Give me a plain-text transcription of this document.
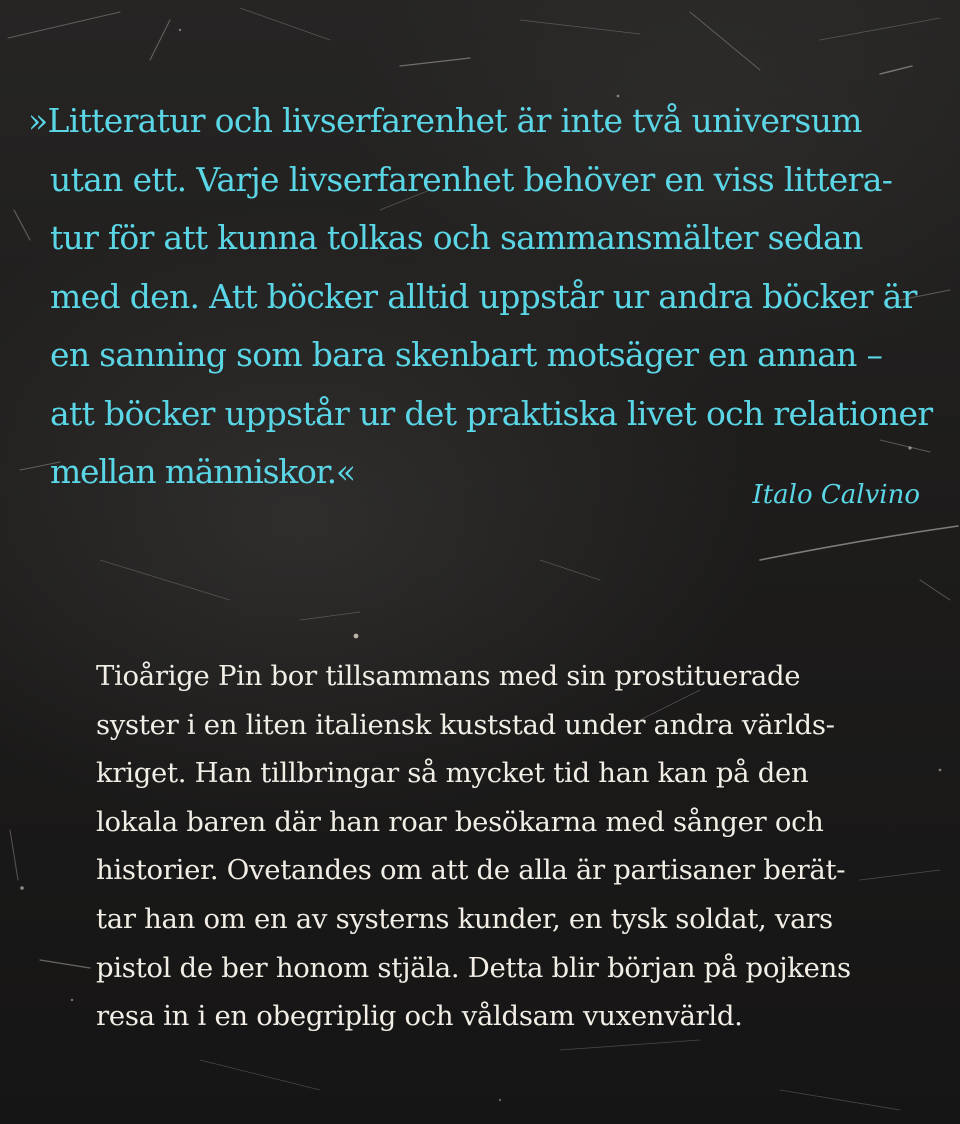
»Litteratur och livserfarenhet är inte två universum
utan ett. Varje livserfarenhet behöver en viss littera-
tur för att kunna tolkas och sammansmälter sedan
med den. Att böcker alltid uppstår ur andra böcker är
en sanning som bara skenbart motsäger en annan –
att böcker uppstår ur det praktiska livet och relationer
mellan människor.«

Italo Calvino

Tioårige Pin bor tillsammans med sin prostituerade
syster i en liten italiensk kuststad under andra världs-
kriget. Han tillbringar så mycket tid han kan på den
lokala baren där han roar besökarna med sånger och
historier. Ovetandes om att de alla är partisaner berät-
tar han om en av systerns kunder, en tysk soldat, vars
pistol de ber honom stjäla. Detta blir början på pojkens
resa in i en obegriplig och våldsam vuxenvärld.
